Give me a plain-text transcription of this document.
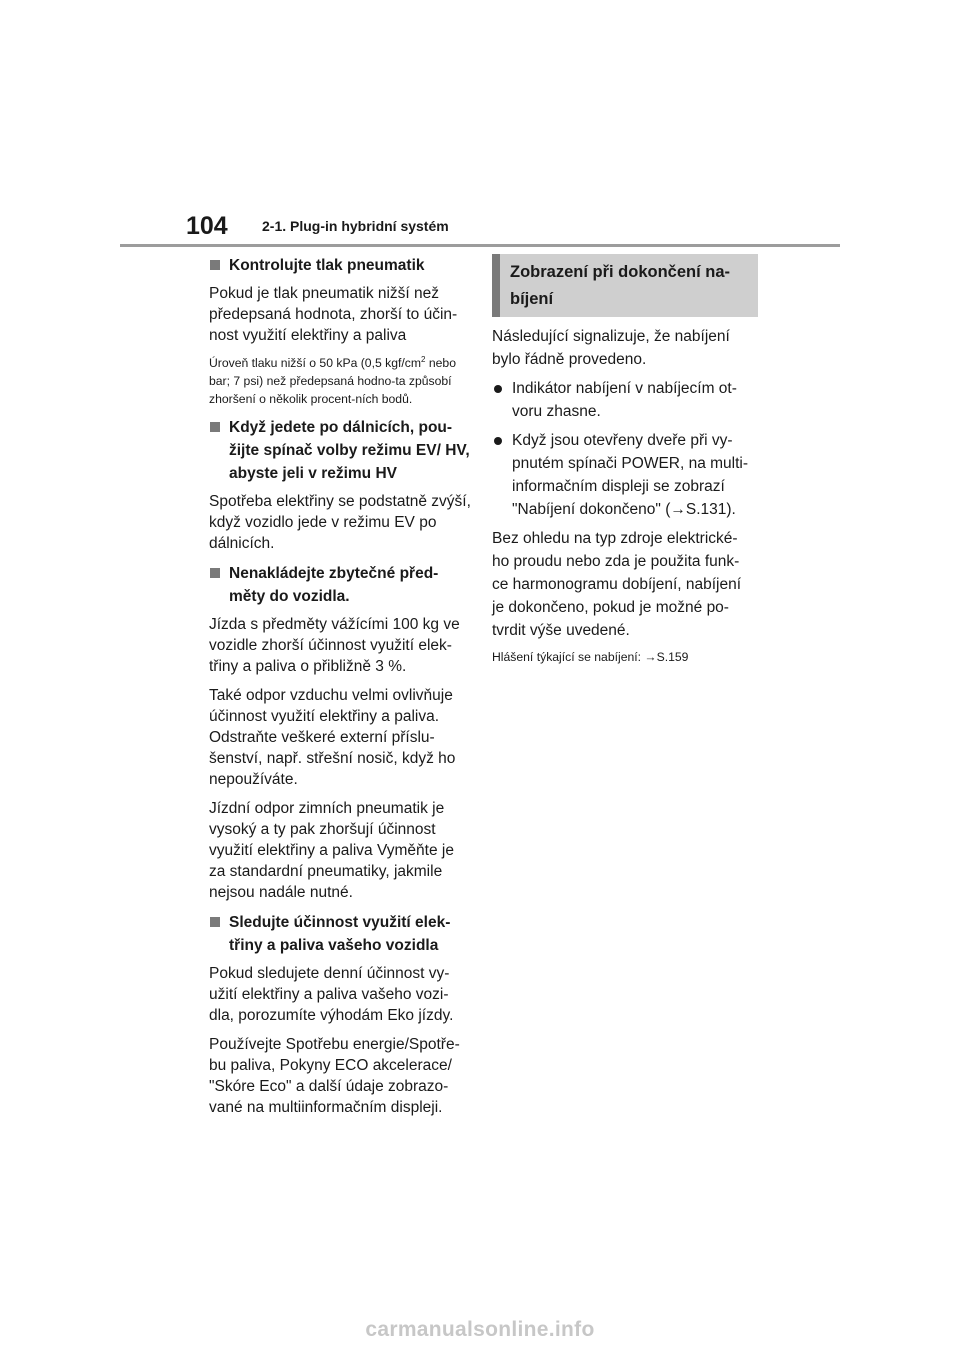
104 2-1. Plug-in hybridní systém
Kontrolujte tlak pneumatik

Pokud je tlak pneumatik nižší než předepsaná hodnota, zhorší to účin-nost využití elektřiny a paliva

Úroveň tlaku nižší o 50 kPa (0,5 kgf/$cm^2$ nebo bar; 7 psi) než předepsaná hodno-ta způsobí zhoršení o několik procent-ních bodů.

Když jedete po dálnicích, pou-žijte spínač volby režimu EV/ HV, abyste jeli v režimu HV

Spotřeba elektřiny se podstatně zvýší, když vozidlo jede v režimu EV po dálnicích.

Nenakládejte zbytečné před-měty do vozidla.

Jízda s předměty vážícími 100 kg ve vozidle zhorší účinnost využití elek-třiny a paliva o přibližně 3 %.

Také odpor vzduchu velmi ovlivňuje účinnost využití elektřiny a paliva. Odstraňte veškeré externí příslu-šenství, např. střešní nosič, když ho nepoužíváte.

Jízdní odpor zimních pneumatik je vysoký a ty pak zhoršují účinnost využití elektřiny a paliva Vyměňte je za standardní pneumatiky, jakmile nejsou nadále nutné.

Sledujte účinnost využití elek-třiny a paliva vašeho vozidla

Pokud sledujete denní účinnost vy-užití elektřiny a paliva vašeho vozi-dla, porozumíte výhodám Eko jízdy.

Používejte Spotřebu energie/Spotře-bu paliva, Pokyny ECO akcelerace/ "Skóre Eco" a další údaje zobrazo-vané na multiinformačním displeji.

Zobrazení při dokončení na-bíjení

Následující signalizuje, že nabíjení bylo řádně provedeno.

Indikátor nabíjení v nabíjecím ot-voru zhasne.
Když jsou otevřeny dveře při vy-pnutém spínači POWER, na multi-informačním displeji se zobrazí "Nabíjení dokončeno" (→S.131).

Bez ohledu na typ zdroje elektrické-ho proudu nebo zda je použita funk-ce harmonogramu dobíjení, nabíjení je dokončeno, pokud je možné po-tvrdit výše uvedené.

Hlášení týkající se nabíjení: →S.159

carmanualsonline.info
